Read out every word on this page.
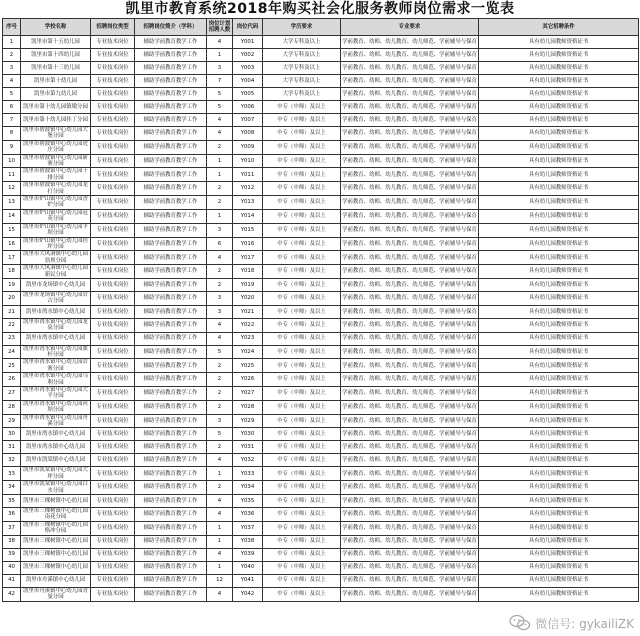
凯里市教育系统2018年购买社会化服务教师岗位需求一览表
序号	学校名称	招聘岗位类型	招聘岗位简介（学科）	岗位计划招聘人数	岗位代码	学历要求	专业要求	其它招聘条件
1	凯里市第十五幼儿园	专业技术岗位	辅助学前教育教学工作	4	Y001	大学专科及以上	学前教育、幼师、幼儿教育、幼儿师范、学前辅导与保育	具有幼儿园教师资格证书
2	凯里市第十四幼儿园	专业技术岗位	辅助学前教育教学工作	1	Y002	大学专科及以上	学前教育、幼师、幼儿教育、幼儿师范、学前辅导与保育	具有幼儿园教师资格证书
3	凯里市第十三幼儿园	专业技术岗位	辅助学前教育教学工作	3	Y003	大学专科及以上	学前教育、幼师、幼儿教育、幼儿师范、学前辅导与保育	具有幼儿园教师资格证书
4	凯里市第十幼儿园	专业技术岗位	辅助学前教育教学工作	7	Y004	大学专科及以上	学前教育、幼师、幼儿教育、幼儿师范、学前辅导与保育	具有幼儿园教师资格证书
5	凯里市第九幼儿园	专业技术岗位	辅助学前教育教学工作	5	Y005	大学专科及以上	学前教育、幼师、幼儿教育、幼儿师范、学前辅导与保育	具有幼儿园教师资格证书
6	凯里市第十幼儿园镇墩分园	专业技术岗位	辅助学前教育教学工作	5	Y006	中专（中师）及以上	学前教育、幼师、幼儿教育、幼儿师范、学前辅导与保育	具有幼儿园教师资格证书
7	凯里市第十幼儿园挂丁分园	专业技术岗位	辅助学前教育教学工作	4	Y007	中专（中师）及以上	学前教育、幼师、幼儿教育、幼儿师范、学前辅导与保育	具有幼儿园教师资格证书
8	凯里市碧波镇中心幼儿园大堡分园	专业技术岗位	辅助学前教育教学工作	4	Y008	中专（中师）及以上	学前教育、幼师、幼儿教育、幼儿师范、学前辅导与保育	具有幼儿园教师资格证书
9	凯里市碧波镇中心幼儿园虎庄分园	专业技术岗位	辅助学前教育教学工作	2	Y009	中专（中师）及以上	学前教育、幼师、幼儿教育、幼儿师范、学前辅导与保育	具有幼儿园教师资格证书
10	凯里市碧波镇中心幼儿园新寨分园	专业技术岗位	辅助学前教育教学工作	1	Y010	中专（中师）及以上	学前教育、幼师、幼儿教育、幼儿师范、学前辅导与保育	具有幼儿园教师资格证书
11	凯里市碧波镇中心幼儿园干排分园	专业技术岗位	辅助学前教育教学工作	1	Y011	中专（中师）及以上	学前教育、幼师、幼儿教育、幼儿师范、学前辅导与保育	具有幼儿园教师资格证书
12	凯里市碧波镇中心幼儿园龙打分园	专业技术岗位	辅助学前教育教学工作	2	Y012	中专（中师）及以上	学前教育、幼师、幼儿教育、幼儿师范、学前辅导与保育	具有幼儿园教师资格证书
13	凯里市炉山镇中心幼儿园香炉分园	专业技术岗位	辅助学前教育教学工作	2	Y013	中专（中师）及以上	学前教育、幼师、幼儿教育、幼儿师范、学前辅导与保育	具有幼儿园教师资格证书
14	凯里市炉山镇中心幼儿园冠英分园	专业技术岗位	辅助学前教育教学工作	1	Y014	中专（中师）及以上	学前教育、幼师、幼儿教育、幼儿师范、学前辅导与保育	具有幼儿园教师资格证书
15	凯里市炉山镇中心幼儿园平坝分园	专业技术岗位	辅助学前教育教学工作	3	Y015	中专（中师）及以上	学前教育、幼师、幼儿教育、幼儿师范、学前辅导与保育	具有幼儿园教师资格证书
16	凯里市炉山镇中心幼儿园挂坪分园	专业技术岗位	辅助学前教育教学工作	6	Y016	中专（中师）及以上	学前教育、幼师、幼儿教育、幼儿师范、学前辅导与保育	具有幼儿园教师资格证书
17	凯里市大风洞镇中心幼儿园翁坝分园	专业技术岗位	辅助学前教育教学工作	4	Y017	中专（中师）及以上	学前教育、幼师、幼儿教育、幼儿师范、学前辅导与保育	具有幼儿园教师资格证书
18	凯里市大风洞镇中心幼儿园新民分园	专业技术岗位	辅助学前教育教学工作	2	Y018	中专（中师）及以上	学前教育、幼师、幼儿教育、幼儿师范、学前辅导与保育	具有幼儿园教师资格证书
19	凯里市龙场镇中心幼儿园	专业技术岗位	辅助学前教育教学工作	2	Y019	中专（中师）及以上	学前教育、幼师、幼儿教育、幼儿师范、学前辅导与保育	具有幼儿园教师资格证书
20	凯里市龙场镇中心幼儿园岩古分园	专业技术岗位	辅助学前教育教学工作	3	Y020	中专（中师）及以上	学前教育、幼师、幼儿教育、幼儿师范、学前辅导与保育	具有幼儿园教师资格证书
21	凯里市湾水镇中心幼儿园	专业技术岗位	辅助学前教育教学工作	3	Y021	中专（中师）及以上	学前教育、幼师、幼儿教育、幼儿师范、学前辅导与保育	具有幼儿园教师资格证书
22	凯里市湾水镇中心幼儿园龙泉分园	专业技术岗位	辅助学前教育教学工作	4	Y022	中专（中师）及以上	学前教育、幼师、幼儿教育、幼儿师范、学前辅导与保育	具有幼儿园教师资格证书
23	凯里市湾水镇中心幼儿园	专业技术岗位	辅助学前教育教学工作	4	Y023	中专（中师）及以上	学前教育、幼师、幼儿教育、幼儿师范、学前辅导与保育	具有幼儿园教师资格证书
24	凯里市湾水镇中心幼儿园旗杆分园	专业技术岗位	辅助学前教育教学工作	5	Y024	中专（中师）及以上	学前教育、幼师、幼儿教育、幼儿师范、学前辅导与保育	具有幼儿园教师资格证书
25	凯里市湾水镇中心幼儿园岩寨分园	专业技术岗位	辅助学前教育教学工作	2	Y025	中专（中师）及以上	学前教育、幼师、幼儿教育、幼儿师范、学前辅导与保育	具有幼儿园教师资格证书
26	凯里市湾水镇中心幼儿园乌利分园	专业技术岗位	辅助学前教育教学工作	2	Y026	中专（中师）及以上	学前教育、幼师、幼儿教育、幼儿师范、学前辅导与保育	具有幼儿园教师资格证书
27	凯里市湾水镇中心幼儿园大平分园	专业技术岗位	辅助学前教育教学工作	2	Y027	中专（中师）及以上	学前教育、幼师、幼儿教育、幼儿师范、学前辅导与保育	具有幼儿园教师资格证书
28	凯里市湾水镇中心幼儿园河坝分园	专业技术岗位	辅助学前教育教学工作	2	Y028	中专（中师）及以上	学前教育、幼师、幼儿教育、幼儿师范、学前辅导与保育	具有幼儿园教师资格证书
29	凯里市湾水镇中心幼儿园舟溪分园	专业技术岗位	辅助学前教育教学工作	3	Y029	中专（中师）及以上	学前教育、幼师、幼儿教育、幼儿师范、学前辅导与保育	具有幼儿园教师资格证书
30	凯里市湾水镇中心幼儿园	专业技术岗位	辅助学前教育教学工作	5	Y030	中专（中师）及以上	学前教育、幼师、幼儿教育、幼儿师范、学前辅导与保育	具有幼儿园教师资格证书
31	凯里市湾水镇中心幼儿园	专业技术岗位	辅助学前教育教学工作	2	Y031	中专（中师）及以上	学前教育、幼师、幼儿教育、幼儿师范、学前辅导与保育	具有幼儿园教师资格证书
32	凯里市凯棠镇中心幼儿园	专业技术岗位	辅助学前教育教学工作	4	Y032	中专（中师）及以上	学前教育、幼师、幼儿教育、幼儿师范、学前辅导与保育	具有幼儿园教师资格证书
33	凯里市凯棠镇中心幼儿园大坪分园	专业技术岗位	辅助学前教育教学工作	1	Y033	中专（中师）及以上	学前教育、幼师、幼儿教育、幼儿师范、学前辅导与保育	具有幼儿园教师资格证书
34	凯里市凯棠镇中心幼儿园白水分园	专业技术岗位	辅助学前教育教学工作	2	Y034	中专（中师）及以上	学前教育、幼师、幼儿教育、幼儿师范、学前辅导与保育	具有幼儿园教师资格证书
35	凯里市三棵树镇中心幼儿园	专业技术岗位	辅助学前教育教学工作	4	Y035	中专（中师）及以上	学前教育、幼师、幼儿教育、幼儿师范、学前辅导与保育	具有幼儿园教师资格证书
36	凯里市三棵树镇中心幼儿园南花分园	专业技术岗位	辅助学前教育教学工作	4	Y036	中专（中师）及以上	学前教育、幼师、幼儿教育、幼儿师范、学前辅导与保育	具有幼儿园教师资格证书
37	凯里市三棵树镇中心幼儿园格冲分园	专业技术岗位	辅助学前教育教学工作	1	Y037	中专（中师）及以上	学前教育、幼师、幼儿教育、幼儿师范、学前辅导与保育	具有幼儿园教师资格证书
38	凯里市三棵树镇中心幼儿园	专业技术岗位	辅助学前教育教学工作	1	Y038	中专（中师）及以上	学前教育、幼师、幼儿教育、幼儿师范、学前辅导与保育	具有幼儿园教师资格证书
39	凯里市三棵树镇中心幼儿园	专业技术岗位	辅助学前教育教学工作	4	Y039	中专（中师）及以上	学前教育、幼师、幼儿教育、幼儿师范、学前辅导与保育	具有幼儿园教师资格证书
40	凯里市三棵树镇中心幼儿园	专业技术岗位	辅助学前教育教学工作	1	Y040	中专（中师）及以上	学前教育、幼师、幼儿教育、幼儿师范、学前辅导与保育	具有幼儿园教师资格证书
41	凯里市舟溪镇中心幼儿园	专业技术岗位	辅助学前教育教学工作	12	Y041	中专（中师）及以上	学前教育、幼师、幼儿教育、幼儿师范、学前辅导与保育	具有幼儿园教师资格证书
42	凯里市舟溪镇中心幼儿园青曼分园	专业技术岗位	辅助学前教育教学工作	4	Y042	中专（中师）及以上	学前教育、幼师、幼儿教育、幼儿师范、学前辅导与保育	具有幼儿园教师资格证书
微信号: gykailiZK
